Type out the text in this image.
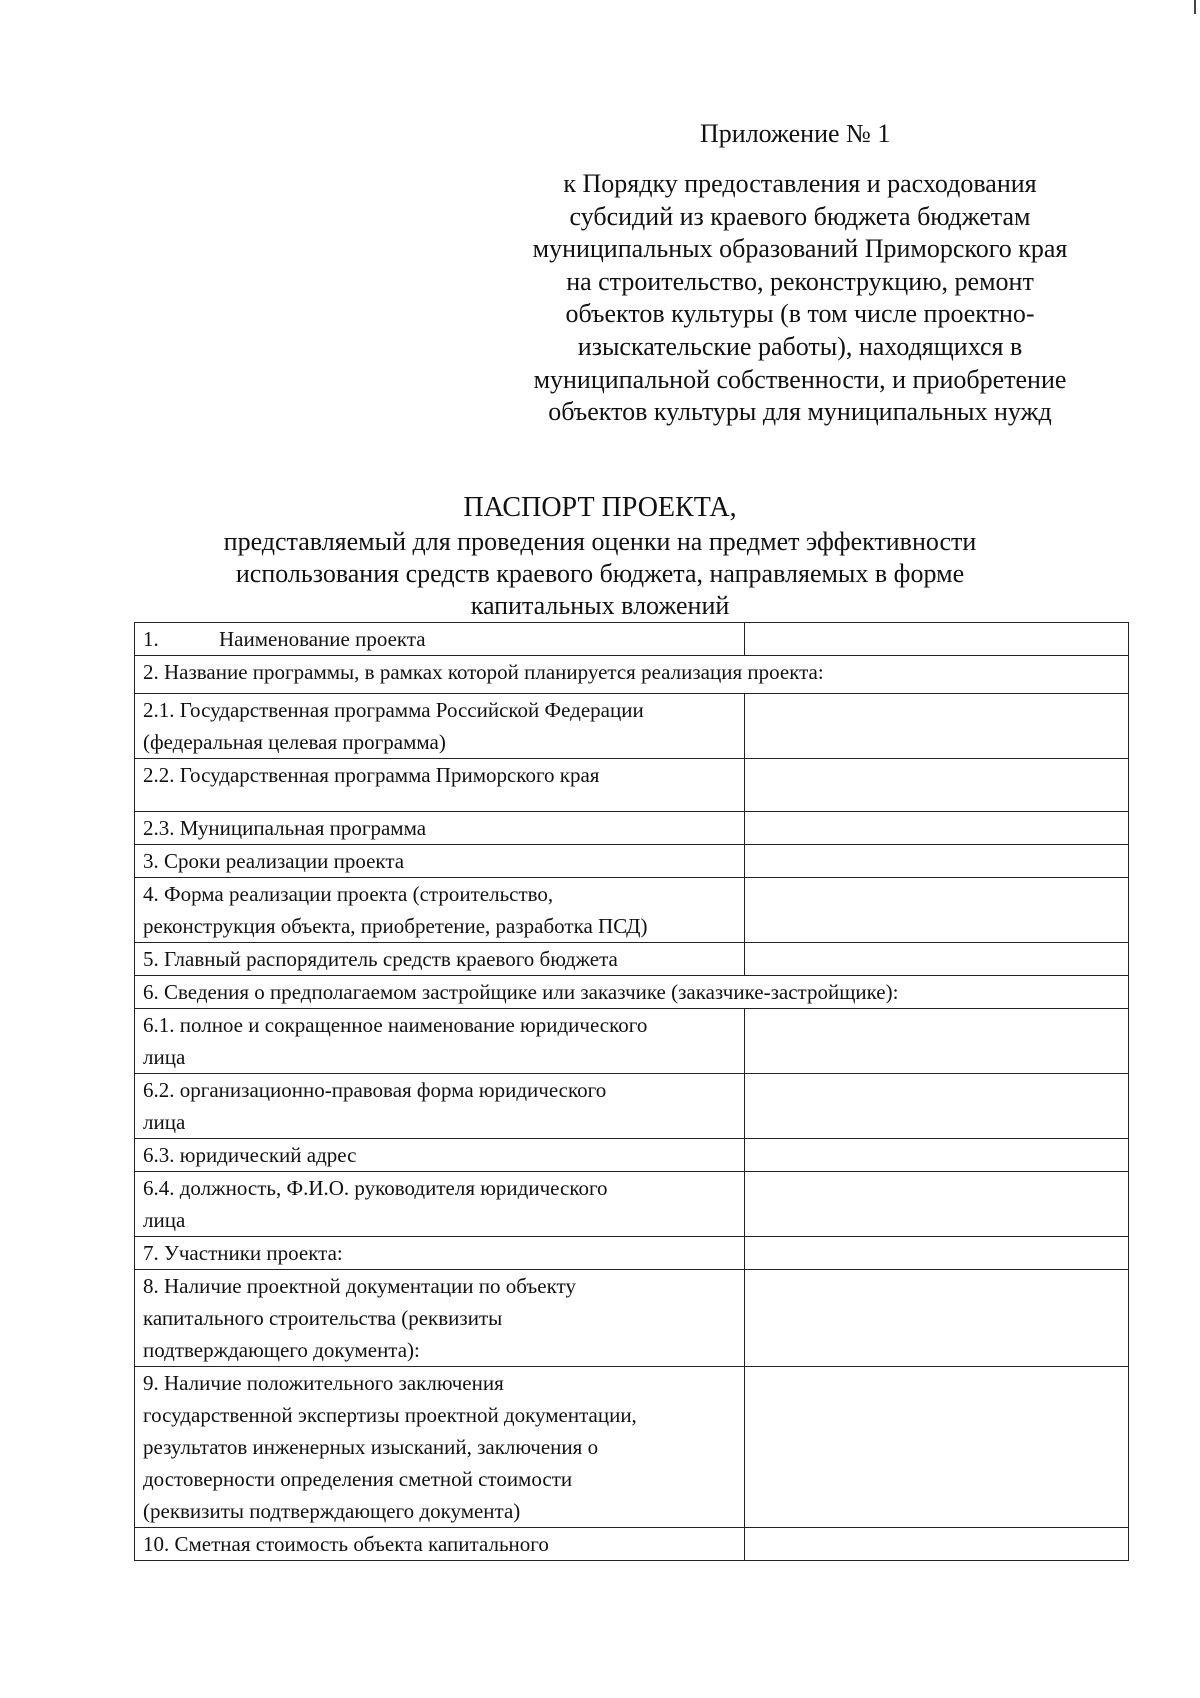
Приложение № 1
к Порядку предоставления и расходования
субсидий из краевого бюджета бюджетам
муниципальных образований Приморского края
на строительство, реконструкцию, ремонт
объектов культуры (в том числе проектно-
изыскательские работы), находящихся в
муниципальной собственности, и приобретение
объектов культуры для муниципальных нужд
ПАСПОРТ ПРОЕКТА,
представляемый для проведения оценки на предмет эффективности
использования средств краевого бюджета, направляемых в форме
капитальных вложений
1. Наименование проекта	
2. Название программы, в рамках которой планируется реализация проекта:	

2.1. Государственная программа Российской Федерации
(федеральная целевая программа)	

2.2. Государственная программа Приморского края	
2.3. Муниципальная программа	
3. Сроки реализации проекта	

4. Форма реализации проекта (строительство,
реконструкция объекта, приобретение, разработка ПСД)	

5. Главный распорядитель средств краевого бюджета	
6. Сведения о предполагаемом застройщике или заказчике (заказчике-застройщике):	

6.1. полное и сокращенное наименование юридического
лица	

6.2. организационно-правовая форма юридического
лица	

6.3. юридический адрес	

6.4. должность, Ф.И.О. руководителя юридического
лица	

7. Участники проекта:	

8. Наличие проектной документации по объекту
капитального строительства (реквизиты
подтверждающего документа):	

9. Наличие положительного заключения
государственной экспертизы проектной документации,
результатов инженерных изысканий, заключения о
достоверности определения сметной стоимости
(реквизиты подтверждающего документа)	

10. Сметная стоимость объекта капитального	
